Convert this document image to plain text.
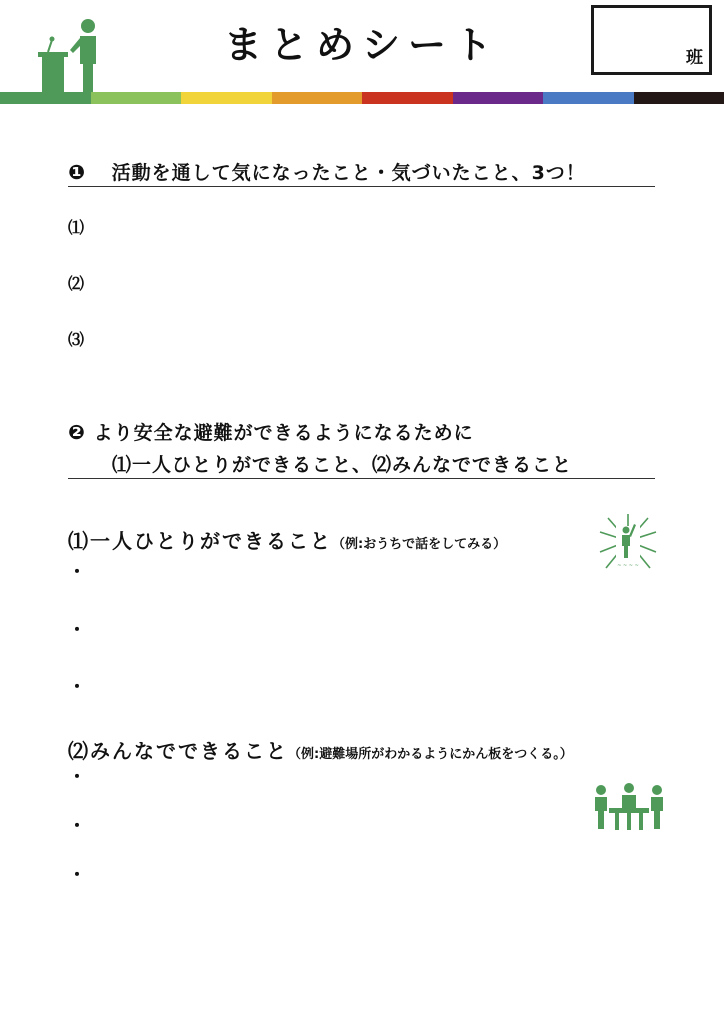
まとめシート	班
❶ 活動を通して気になったこと・気づいたこと、3つ！
⑴
⑵
⑶
❷ より安全な避難ができるようになるために
⑴一人ひとりができること、⑵みんなでできること
⑴一人ひとりができること（例:おうちで話をしてみる）
~ ~ ~ ~
・
・
・
⑵みんなでできること（例:避難場所がわかるようにかん板をつくる。）
・
・
・
